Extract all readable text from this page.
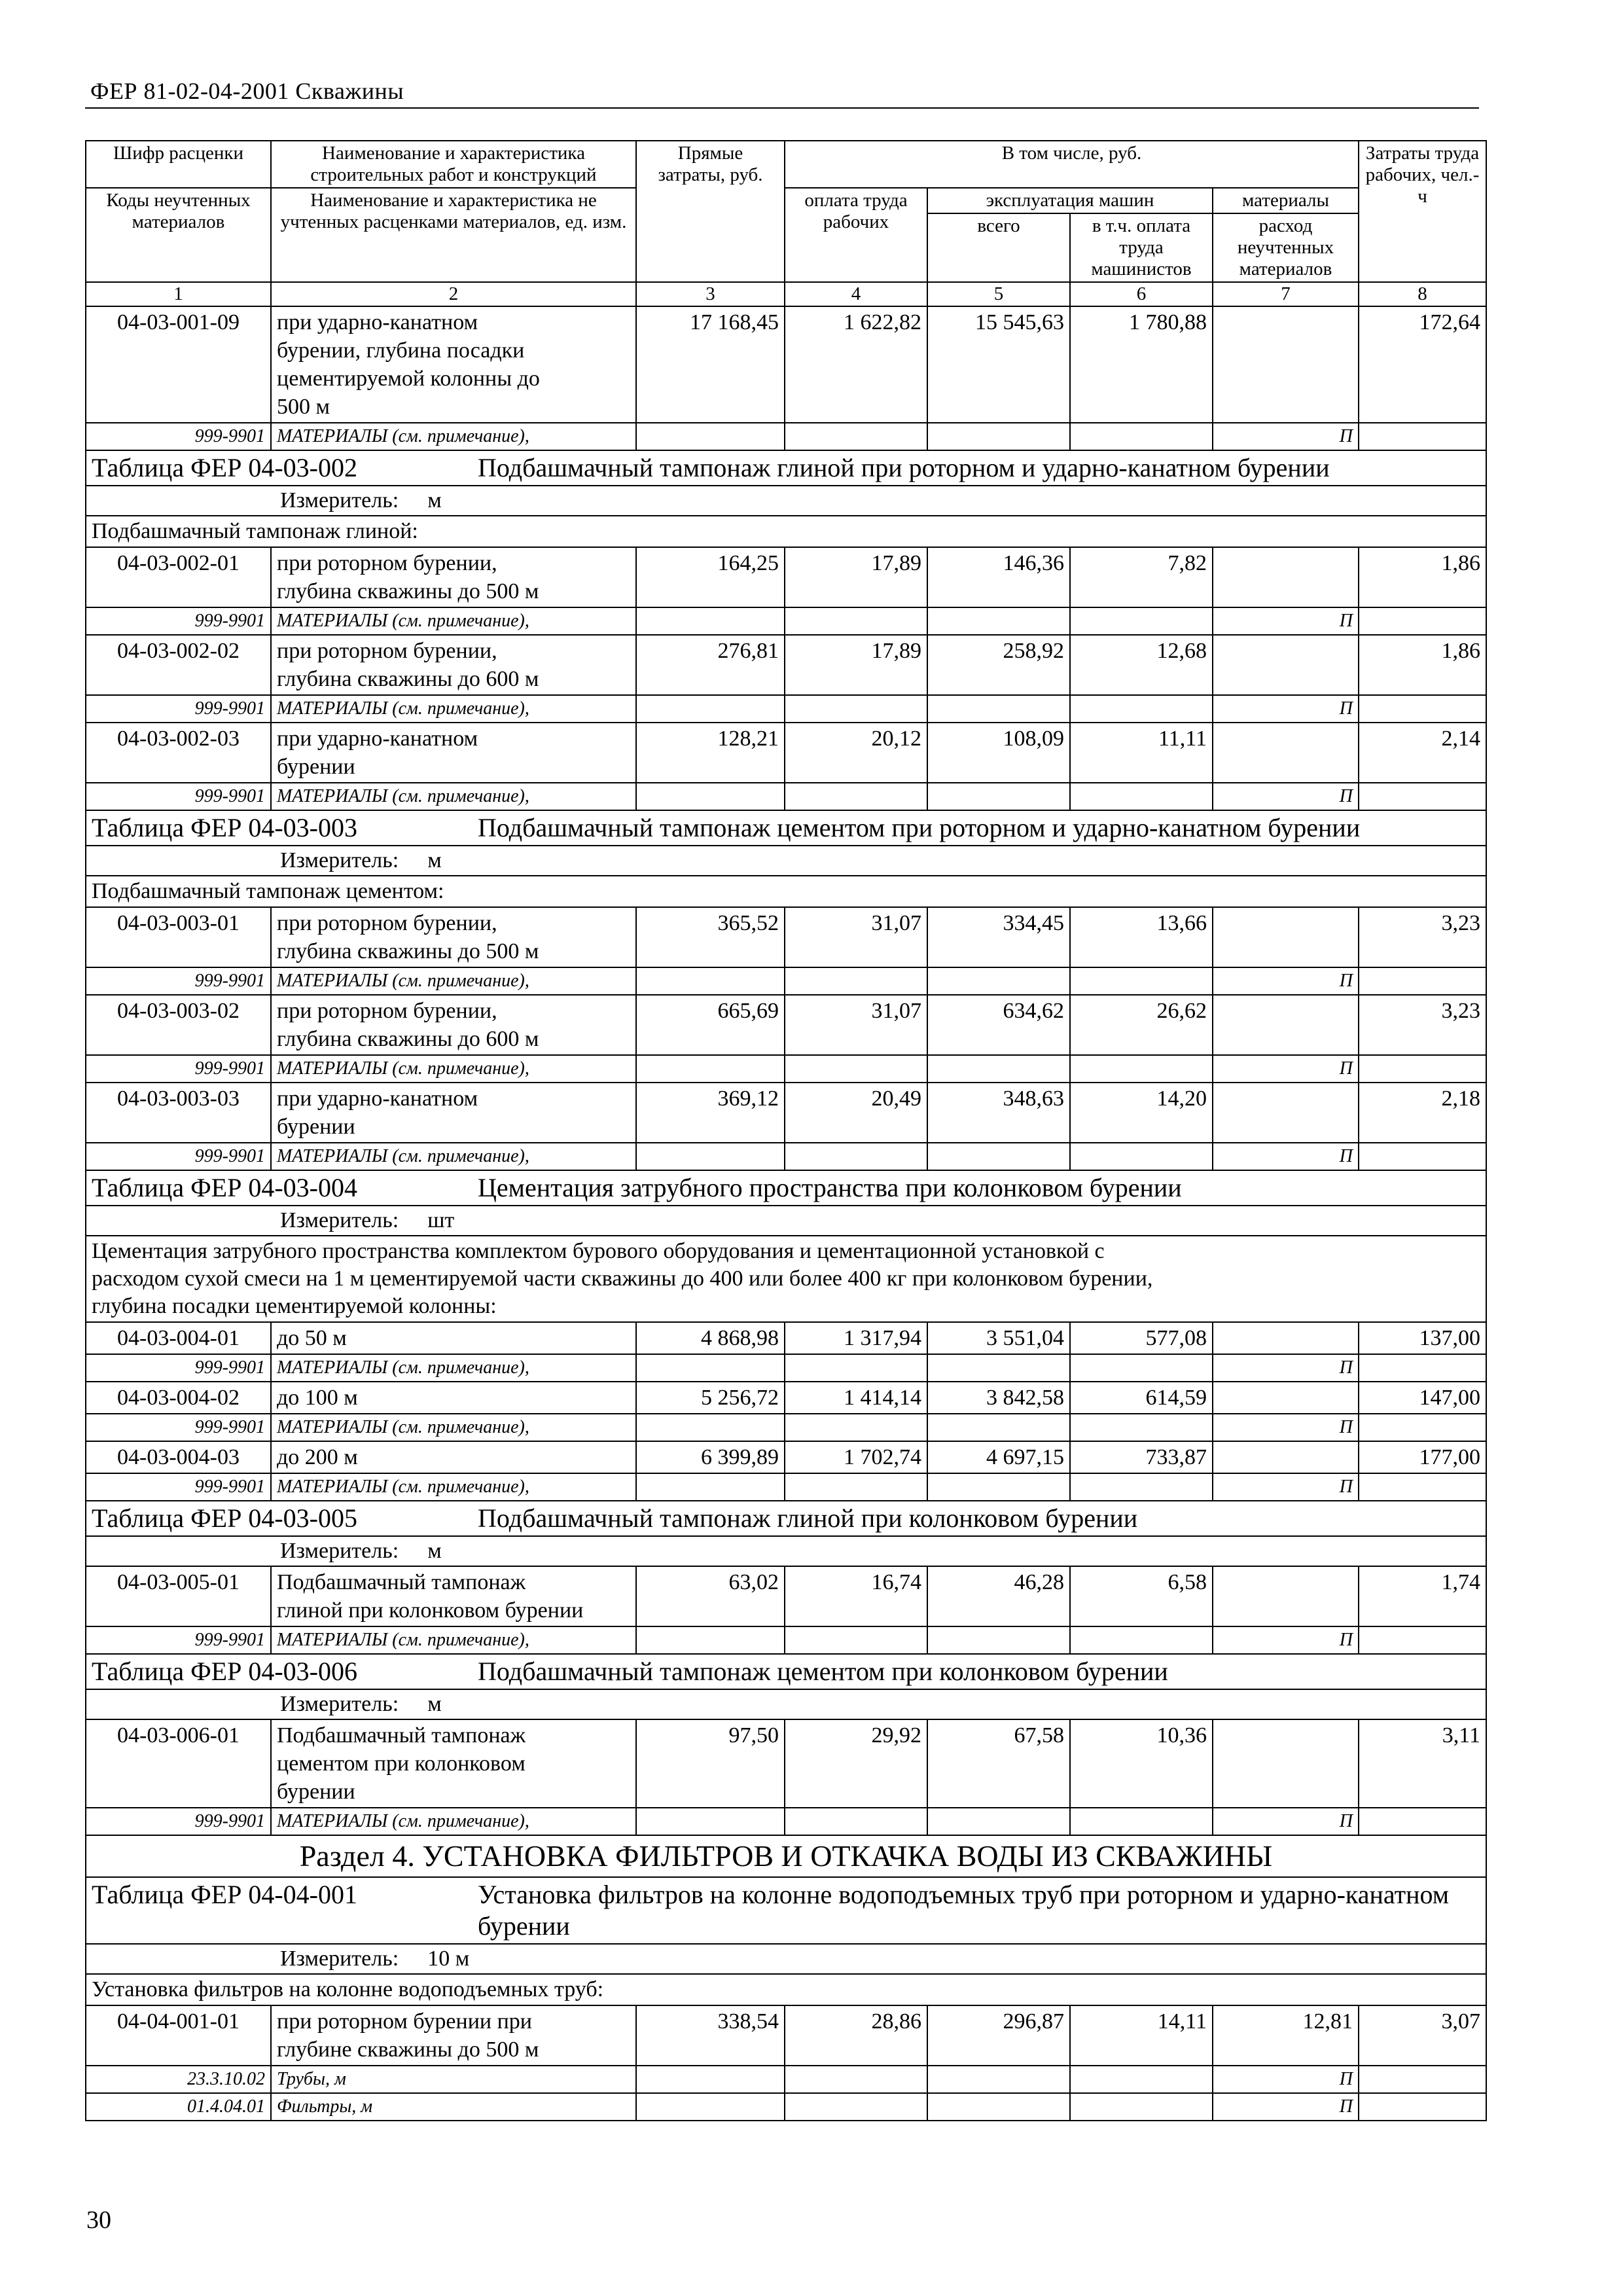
ФЕР 81-02-04-2001 Скважины
Шифр расценки	Наименование и характеристика строительных работ и конструкций	Прямые затраты, руб.	В том числе, руб.				Затраты труда рабочих, чел.-ч
Коды неучтенных материалов	Наименование и характеристика не учтенных расценками материалов, ед. изм.		оплата труда рабочих	эксплуатация машин		материалы	
				всего	в т.ч. оплата труда машинистов	расход неучтенных материалов	
1	2	3	4	5	6	7	8
04-03-001-09	при ударно-канатном
бурении, глубина посадки
цементируемой колонны до
500 м	17 168,45	1 622,82	15 545,63	1 780,88		172,64
999-9901	МАТЕРИАЛЫ (см. примечание),					П	
Таблица ФЕР 04-03-002 Подбашмачный тампонаж глиной при роторном и ударно-канатном бурении							
Измеритель: м							
Подбашмачный тампонаж глиной:							
04-03-002-01	при роторном бурении,
глубина скважины до 500 м	164,25	17,89	146,36	7,82		1,86
999-9901	МАТЕРИАЛЫ (см. примечание),					П	
04-03-002-02	при роторном бурении,
глубина скважины до 600 м	276,81	17,89	258,92	12,68		1,86
999-9901	МАТЕРИАЛЫ (см. примечание),					П	
04-03-002-03	при ударно-канатном
бурении	128,21	20,12	108,09	11,11		2,14
999-9901	МАТЕРИАЛЫ (см. примечание),					П	
Таблица ФЕР 04-03-003 Подбашмачный тампонаж цементом при роторном и ударно-канатном бурении							
Измеритель: м							
Подбашмачный тампонаж цементом:							
04-03-003-01	при роторном бурении,
глубина скважины до 500 м	365,52	31,07	334,45	13,66		3,23
999-9901	МАТЕРИАЛЫ (см. примечание),					П	
04-03-003-02	при роторном бурении,
глубина скважины до 600 м	665,69	31,07	634,62	26,62		3,23
999-9901	МАТЕРИАЛЫ (см. примечание),					П	
04-03-003-03	при ударно-канатном
бурении	369,12	20,49	348,63	14,20		2,18
999-9901	МАТЕРИАЛЫ (см. примечание),					П	
Таблица ФЕР 04-03-004 Цементация затрубного пространства при колонковом бурении							
Измеритель: шт							

Цементация затрубного пространства комплектом бурового оборудования и цементационной установкой с
расходом сухой смеси на 1 м цементируемой части скважины до 400 или более 400 кг при колонковом бурении,
глубина посадки цементируемой колонны:							

04-03-004-01	до 50 м	4 868,98	1 317,94	3 551,04	577,08		137,00
999-9901	МАТЕРИАЛЫ (см. примечание),					П	
04-03-004-02	до 100 м	5 256,72	1 414,14	3 842,58	614,59		147,00
999-9901	МАТЕРИАЛЫ (см. примечание),					П	
04-03-004-03	до 200 м	6 399,89	1 702,74	4 697,15	733,87		177,00
999-9901	МАТЕРИАЛЫ (см. примечание),					П	
Таблица ФЕР 04-03-005 Подбашмачный тампонаж глиной при колонковом бурении							
Измеритель: м							
04-03-005-01	Подбашмачный тампонаж
глиной при колонковом бурении	63,02	16,74	46,28	6,58		1,74
999-9901	МАТЕРИАЛЫ (см. примечание),					П	
Таблица ФЕР 04-03-006 Подбашмачный тампонаж цементом при колонковом бурении							
Измеритель: м							
04-03-006-01	Подбашмачный тампонаж
цементом при колонковом
бурении	97,50	29,92	67,58	10,36		3,11
999-9901	МАТЕРИАЛЫ (см. примечание),					П	
Раздел 4. УСТАНОВКА ФИЛЬТРОВ И ОТКАЧКА ВОДЫ ИЗ СКВАЖИНЫ							
Таблица ФЕР 04-04-001 Установка фильтров на колонне водоподъемных труб при роторном и ударно-канатном бурении							
Измеритель: 10 м							
Установка фильтров на колонне водоподъемных труб:							
04-04-001-01	при роторном бурении при
глубине скважины до 500 м	338,54	28,86	296,87	14,11	12,81	3,07
23.3.10.02	Трубы, м					П	
01.4.04.01	Фильтры, м					П	
30
